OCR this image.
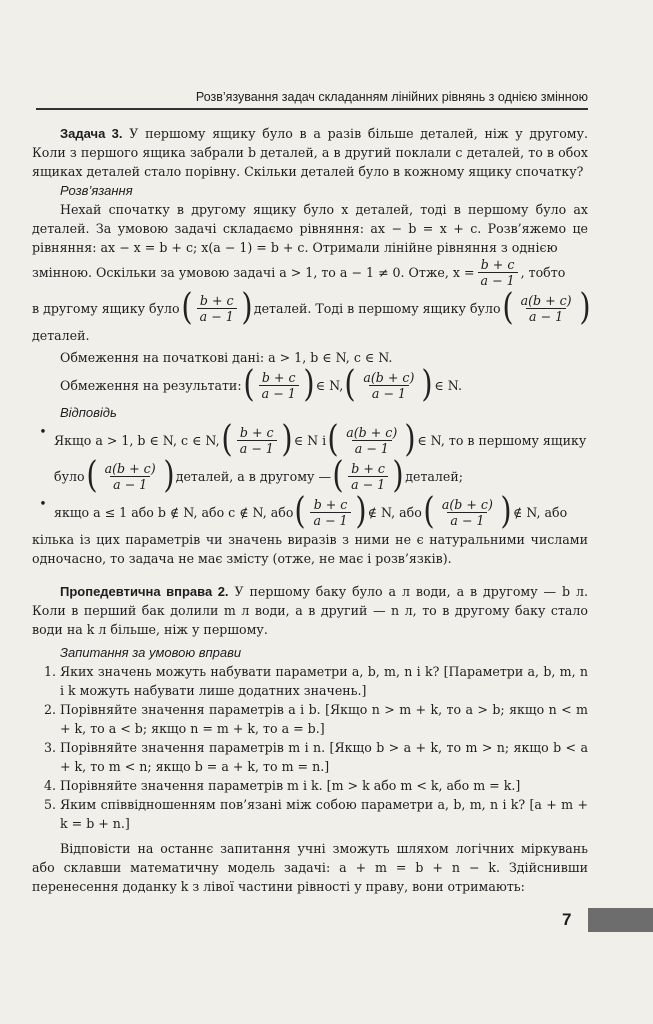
Розв’язування задач складанням лінійних рівнянь з однією змінною

Задача 3. У першому ящику було в a разів більше деталей, ніж у другому. Коли з першого ящика забрали b деталей, а в другий поклали c деталей, то в обох ящиках деталей стало порівну. Скільки деталей було в кожному ящику спочатку?

Розв’язання

Нехай спочатку в другому ящику було x деталей, тоді в першому було ax деталей. За умовою задачі складаємо рівняння: ax − b = x + c. Розв’яжемо це рівняння: ax − x = b + c; x(a − 1) = b + c. Отримали лінійне рівняння з однією

змінною. Оскільки за умовою задачі a > 1, то a − 1 ≠ 0. Отже, $x = \frac{b + c}{a - 1}$ , тобто
в другому ящику було ( $\frac{b + c}{a - 1}$ ) деталей. Тоді в першому ящику було ( $\frac{a(b + c)}{a - 1}$ )

деталей.

Обмеження на початкові дані: a > 1, b ∈ N, c ∈ N.

Обмеження на результати: ( $\frac{b + c}{a - 1}$ ) ∈ N, ( $\frac{a(b + c)}{a - 1}$ ) ∈ N.
Відповідь
•
Якщо a > 1, b ∈ N, c ∈ N, ( $\frac{b + c}{a - 1}$ ) ∈ N і ( $\frac{a(b + c)}{a - 1}$ ) ∈ N, то в першому ящику
було ( $\frac{a(b + c)}{a - 1}$ ) деталей, а в другому — ( $\frac{b + c}{a - 1}$ ) деталей;
•
якщо a ≤ 1 або b ∉ N, або c ∉ N, або ( $\frac{b + c}{a - 1}$ ) ∉ N, або ( $\frac{a(b + c)}{a - 1}$ ) ∉ N, або

кілька із цих параметрів чи значень виразів з ними не є натуральними числами одночасно, то задача не має змісту (отже, не має і розв’язків).

Пропедевтична вправа 2. У першому баку було a л води, а в другому — b л. Коли в перший бак долили m л води, а в другий — n л, то в другому баку стало води на k л більше, ніж у першому.

Запитання за умовою вправи
1. Яких значень можуть набувати параметри a, b, m, n і k? [Параметри a, b, m, n і k можуть набувати лише додатних значень.]
2. Порівняйте значення параметрів a і b. [Якщо n > m + k, то a > b; якщо n < m + k, то a < b; якщо n = m + k, то a = b.]
3. Порівняйте значення параметрів m і n. [Якщо b > a + k, то m > n; якщо b < a + k, то m < n; якщо b = a + k, то m = n.]
4. Порівняйте значення параметрів m і k. [m > k або m < k, або m = k.]
5. Яким співвідношенням пов’язані між собою параметри a, b, m, n і k? [a + m + k = b + n.]

Відповісти на останнє запитання учні зможуть шляхом логічних міркувань або склавши математичну модель задачі: a + m = b + n − k. Здійснивши перенесення доданку k з лівої частини рівності у праву, вони отримають:

7
